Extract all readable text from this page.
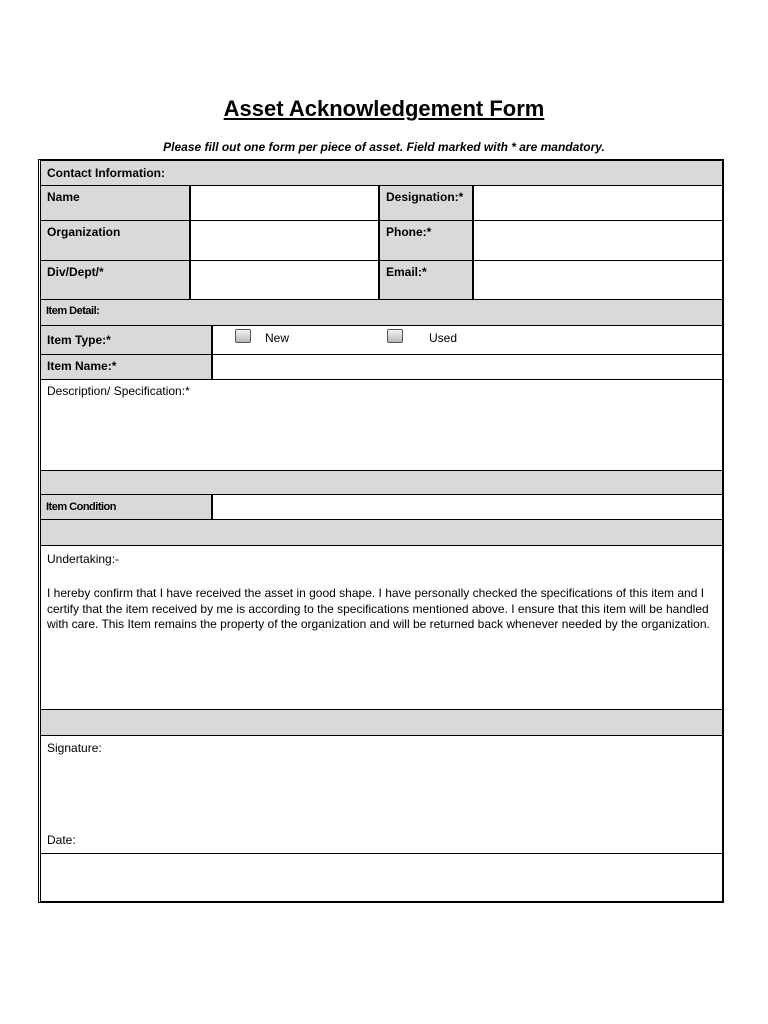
Asset Acknowledgement Form
Please fill out one form per piece of asset. Field marked with * are mandatory.
Contact Information:
Name	Designation:*
Organization	Phone:*
Div/Dept/*	Email:*
Item Detail:
Item Type:*	New	Used
Item Name:*
Description/ Specification:*
Item Condition
Undertaking:-
I hereby confirm that I have received the asset in good shape. I have personally checked the specifications of this item and I certify that the item received by me is according to the specifications mentioned above. I ensure that this item will be handled with care. This Item remains the property of the organization and will be returned back whenever needed by the organization.
Signature:
Date:
